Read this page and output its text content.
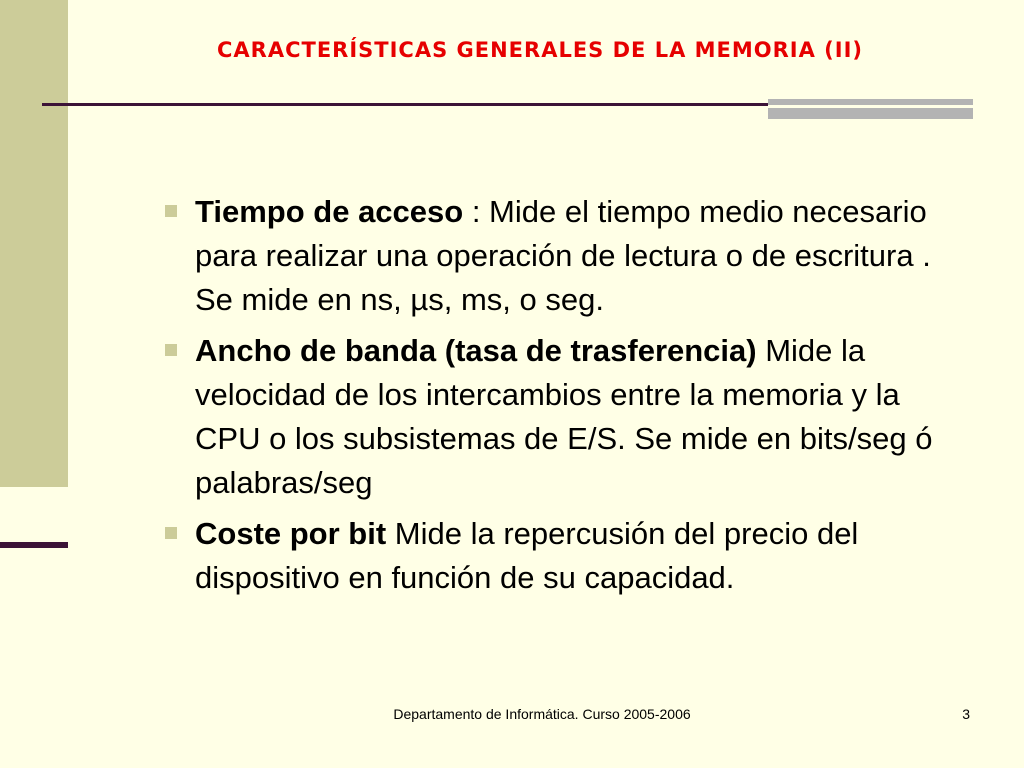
CARACTERÍSTICAS GENERALES DE LA MEMORIA (II)
Tiempo de acceso : Mide el tiempo medio necesario para realizar una operación de lectura o de escritura . Se mide en ns, µs, ms, o seg.
Ancho de banda (tasa de trasferencia) Mide la velocidad de los intercambios entre la memoria y la CPU o los subsistemas de E/S. Se mide en bits/seg ó palabras/seg
Coste por bit Mide la repercusión del precio del dispositivo en función de su capacidad.
Departamento de Informática. Curso 2005-2006	3
